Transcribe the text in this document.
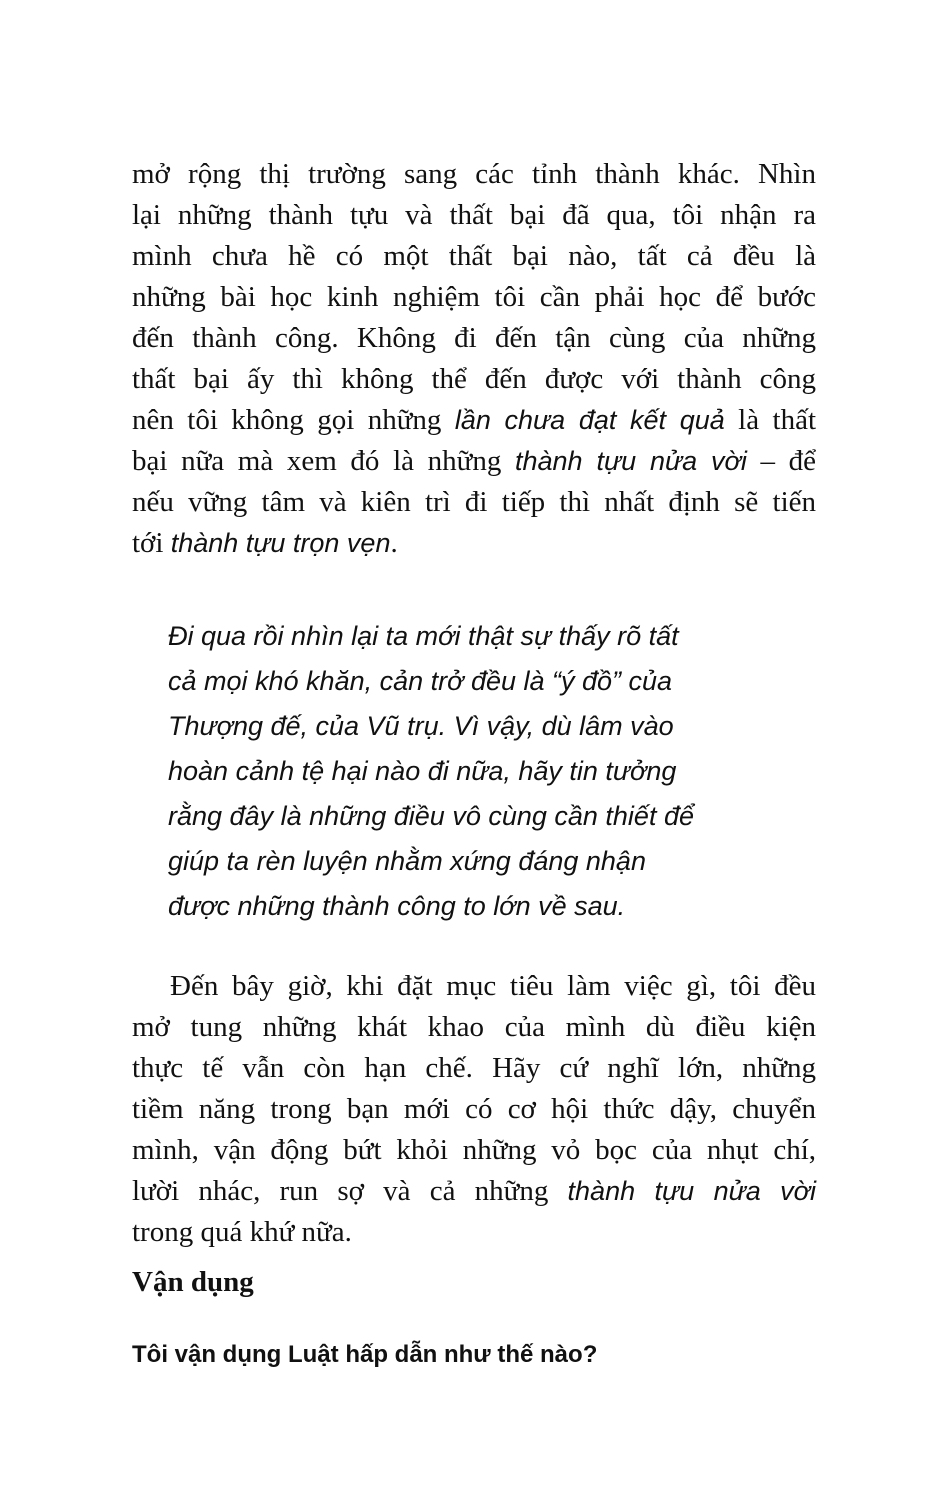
mở rộng thị trường sang các tỉnh thành khác. Nhìn
lại những thành tựu và thất bại đã qua, tôi nhận ra
mình chưa hề có một thất bại nào, tất cả đều là
những bài học kinh nghiệm tôi cần phải học để bước
đến thành công. Không đi đến tận cùng của những
thất bại ấy thì không thể đến được với thành công
nên tôi không gọi những lần chưa đạt kết quả là thất
bại nữa mà xem đó là những thành tựu nửa vời – để
nếu vững tâm và kiên trì đi tiếp thì nhất định sẽ tiến
tới thành tựu trọn vẹn.
Đi qua rồi nhìn lại ta mới thật sự thấy rõ tất
cả mọi khó khăn, cản trở đều là “ý đồ” của
Thượng đế, của Vũ trụ. Vì vậy, dù lâm vào
hoàn cảnh tệ hại nào đi nữa, hãy tin tưởng
rằng đây là những điều vô cùng cần thiết để
giúp ta rèn luyện nhằm xứng đáng nhận
được những thành công to lớn về sau.
Đến bây giờ, khi đặt mục tiêu làm việc gì, tôi đều
mở tung những khát khao của mình dù điều kiện
thực tế vẫn còn hạn chế. Hãy cứ nghĩ lớn, những
tiềm năng trong bạn mới có cơ hội thức dậy, chuyển
mình, vận động bứt khỏi những vỏ bọc của nhụt chí,
lười nhác, run sợ và cả những thành tựu nửa vời
trong quá khứ nữa.
Vận dụng
Tôi vận dụng Luật hấp dẫn như thế nào?
